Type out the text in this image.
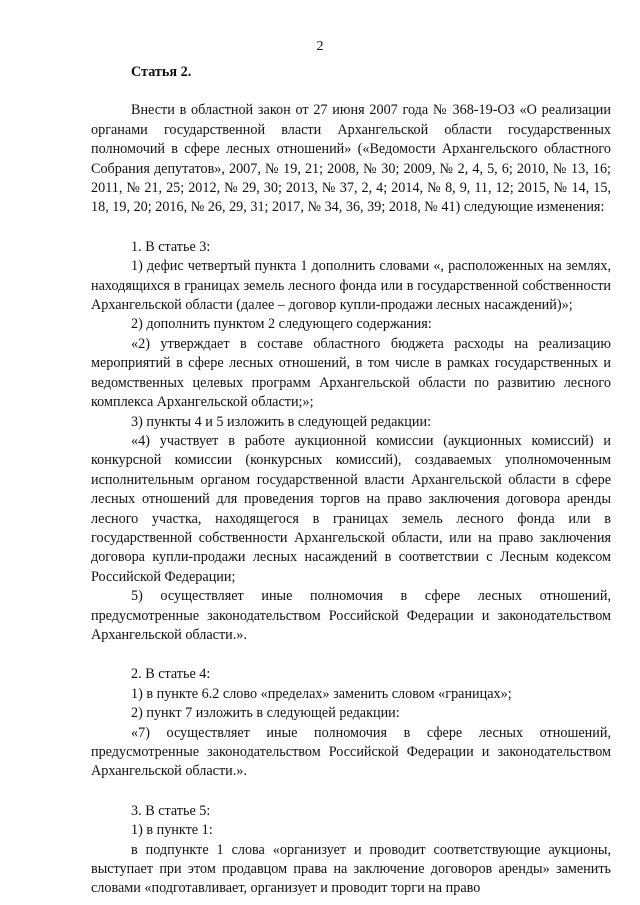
2
Статья 2.

Внести в областной закон от 27 июня 2007 года № 368-19-ОЗ «О реализации органами государственной власти Архангельской области государственных полномочий в сфере лесных отношений» («Ведомости Архангельского областного Собрания депутатов», 2007, № 19, 21; 2008, № 30; 2009, № 2, 4, 5, 6; 2010, № 13, 16; 2011, № 21, 25; 2012, № 29, 30; 2013, № 37, 2, 4; 2014, № 8, 9, 11, 12; 2015, № 14, 15, 18, 19, 20; 2016, № 26, 29, 31; 2017, № 34, 36, 39; 2018, № 41) следующие изменения:

1. В статье 3:

1) дефис четвертый пункта 1 дополнить словами «, расположенных на землях, находящихся в границах земель лесного фонда или в государственной собственности Архангельской области (далее – договор купли-продажи лесных насаждений)»;

2) дополнить пунктом 2 следующего содержания:

«2) утверждает в составе областного бюджета расходы на реализацию мероприятий в сфере лесных отношений, в том числе в рамках государственных и ведомственных целевых программ Архангельской области по развитию лесного комплекса Архангельской области;»;

3) пункты 4 и 5 изложить в следующей редакции:

«4) участвует в работе аукционной комиссии (аукционных комиссий) и конкурсной комиссии (конкурсных комиссий), создаваемых уполномоченным исполнительным органом государственной власти Архангельской области в сфере лесных отношений для проведения торгов на право заключения договора аренды лесного участка, находящегося в границах земель лесного фонда или в государственной собственности Архангельской области, или на право заключения договора купли-продажи лесных насаждений в соответствии с Лесным кодексом Российской Федерации;

5) осуществляет иные полномочия в сфере лесных отношений, предусмотренные законодательством Российской Федерации и законодательством Архангельской области.».

2. В статье 4:

1) в пункте 6.2 слово «пределах» заменить словом «границах»;

2) пункт 7 изложить в следующей редакции:

«7) осуществляет иные полномочия в сфере лесных отношений, предусмотренные законодательством Российской Федерации и законодательством Архангельской области.».

3. В статье 5:

1) в пункте 1:

в подпункте 1 слова «организует и проводит соответствующие аукционы, выступает при этом продавцом права на заключение договоров аренды» заменить словами «подготавливает, организует и проводит торги на право
